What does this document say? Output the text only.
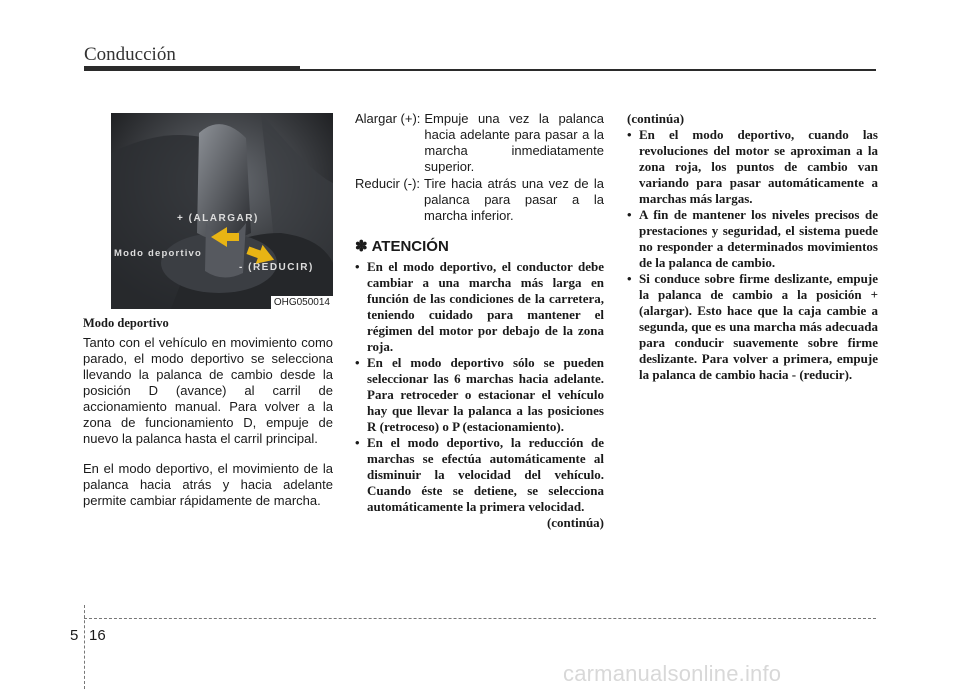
Conducción
+ (ALARGAR)
Modo deportivo
- (REDUCIR)
OHG050014
Modo deportivo

Tanto con el vehículo en movimiento como parado, el modo deportivo se selecciona llevando la palanca de cambio desde la posición D (avance) al carril de accionamiento manual. Para volver a la zona de funcionamiento D, empuje de nuevo la palanca hasta el carril principal.

En el modo deportivo, el movimiento de la palanca hacia atrás y hacia adelante permite cambiar rápidamente de marcha.

Alargar (+): Empuje una vez la palanca hacia adelante para pasar a la marcha inmediatamente superior.
Reducir (-): Tire hacia atrás una vez de la palanca para pasar a la marcha inferior.
✽ ATENCIÓN
• En el modo deportivo, el conductor debe cambiar a una marcha más larga en función de las condiciones de la carretera, teniendo cuidado para mantener el régimen del motor por debajo de la zona roja.
• En el modo deportivo sólo se pueden seleccionar las 6 marchas hacia adelante. Para retroceder o estacionar el vehículo hay que llevar la palanca a las posiciones R (retroceso) o P (estacionamiento).
• En el modo deportivo, la reducción de marchas se efectúa automáticamente al disminuir la velocidad del vehículo. Cuando éste se detiene, se selecciona automáticamente la primera velocidad.
(continúa)
(continúa)
• En el modo deportivo, cuando las revoluciones del motor se aproximan a la zona roja, los puntos de cambio van variando para pasar automáticamente a marchas más largas.
• A fin de mantener los niveles precisos de prestaciones y seguridad, el sistema puede no responder a determinados movimientos de la palanca de cambio.
• Si conduce sobre firme deslizante, empuje la palanca de cambio a la posición + (alargar). Esto hace que la caja cambie a segunda, que es una marcha más adecuada para conducir suavemente sobre firme deslizante. Para volver a primera, empuje la palanca de cambio hacia - (reducir).
5 16
carmanualsonline.info
